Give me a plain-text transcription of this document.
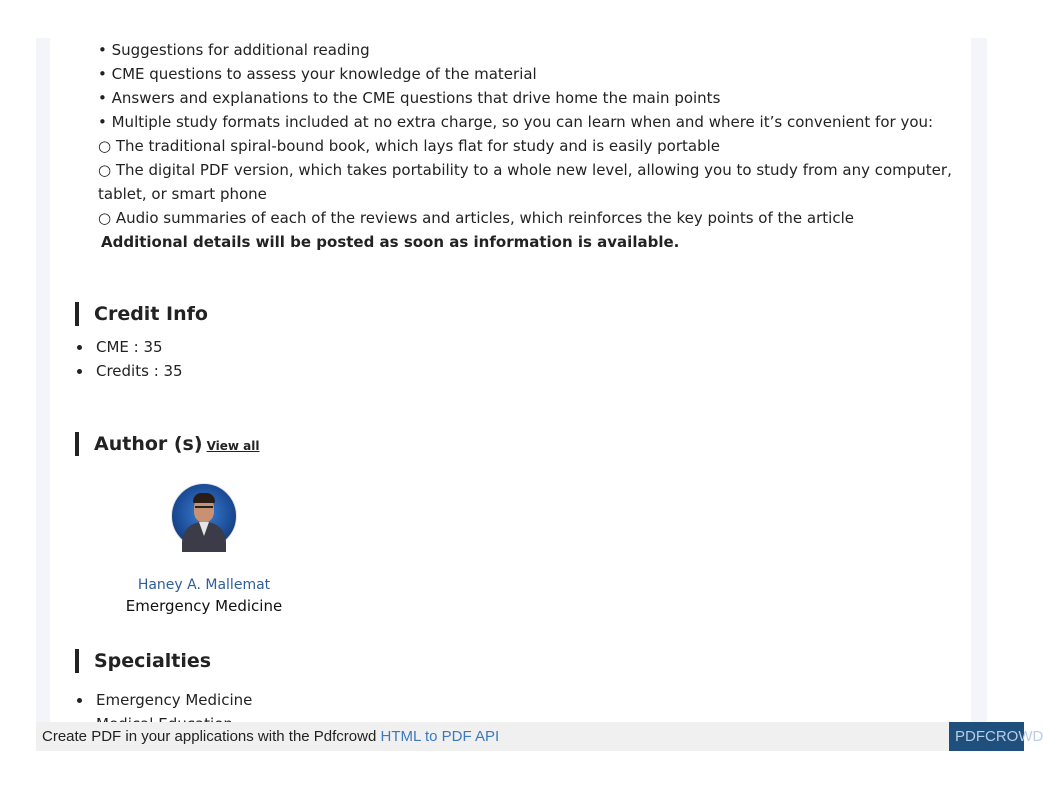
• Suggestions for additional reading
• CME questions to assess your knowledge of the material
• Answers and explanations to the CME questions that drive home the main points
• Multiple study formats included at no extra charge, so you can learn when and where it’s convenient for you:
○ The traditional spiral-bound book, which lays flat for study and is easily portable
○ The digital PDF version, which takes portability to a whole new level, allowing you to study from any computer, tablet, or smart phone
○ Audio summaries of each of the reviews and articles, which reinforces the key points of the article
Additional details will be posted as soon as information is available.
Credit Info
CME : 35
Credits : 35
Author (s) View all
Haney A. Mallemat
Emergency Medicine
Specialties
Emergency Medicine
Create PDF in your applications with the Pdfcrowd HTML to PDF API	PDFCROWD
